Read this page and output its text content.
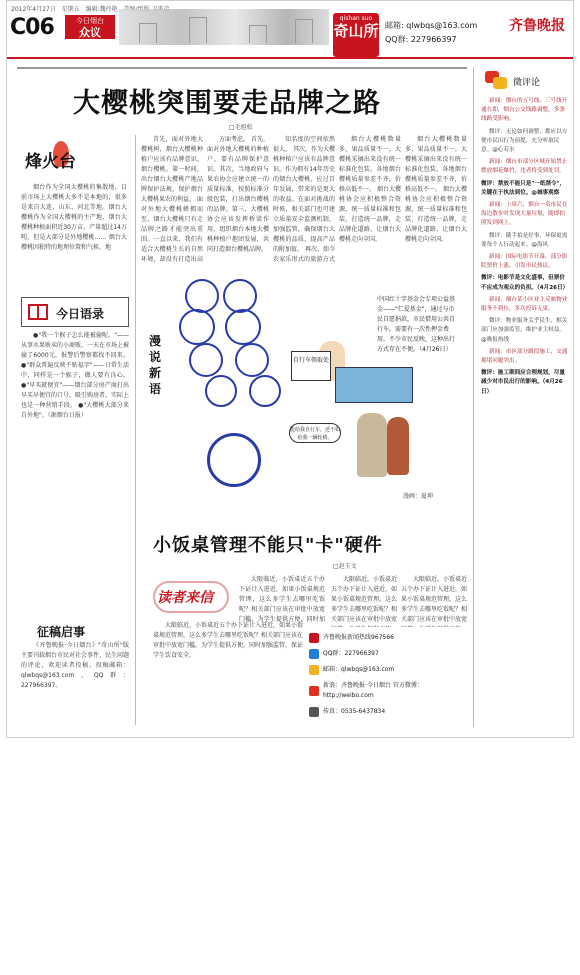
2012年4月27日 星期五 编辑:魏玲艳
C06	今日烟台
众议
qishan suo
奇山所 邮箱: qlwbqs@163.com
QQ群: 227966397
齐鲁晚报
大樱桃突围要走品牌之路
□毛旭松
烽火台

烟台作为全国大樱桃的集散地，目前市场上大樱桃大多不是本地的，很多是来自大连、山东、河北等地。烟台大樱桃作为全国大樱桃的主产地，烟台大樱桃种植面积近30万亩，产量超过14万吨，但是大部分是外地樱桃…… 烟台大樱桃因独特的地理位置和气候、地

今日语录

●"我一个猴子怎么能被偷呢。"——从事水果贩卖的小商贩，一天在市场上被偷了6000元，报警后警察都找不回来。 ●"群众普遍反映不贴福字"——日常生活中，同样是一个猴子，做人要有良心。 ●"早买就便宜"——烟台部分房产商打出早买早便宜的口号，吸引购房者，实际上也是一种营销手段。 ●"大樱桃大部分来自外地"。（据烟台日报）

征稿启事

《齐鲁晚报·今日烟台》"奇山所"版主要刊载烟台市民对社会事件、民生问题的评论，欢迎读者投稿。投稿邮箱：qlwbqs@163.com，QQ群：227966397。

首先，面对外地大樱桃树，烟台大樱桃种植户应该有品牌意识，烟台樱桃。第一时间，出台烟台大樱桃产地品牌保护法规，保护烟台大樱桃果农的利益。 面对外地大樱桃蜂拥而至，烟台大樱桃只有走品牌之路才能突出重围。一直以来，我们有适合大樱桃生长的自然环境，却没有打造出高

方面考虑。 首先，面对外地大樱桃的种植户，要有品牌保护意识。其次，当地政府与果农协会应建立统一的质量标准，按照标准分级包装，打出烟台樱桃的品牌。第三，大樱桃协会应该发挥桥梁作用，组织烟台本地大樱桃种植户抱团发展，共同打造烟台樱桃品牌。

知名度的空间依然很大。 其次，作为大樱桃种植户应该有品牌意识，作为拥有14年历史的烟台大樱桃，应过百年发展，带来的是更大的收益。在面对挑战的时候，相关部门也可建立质量安全监测机制，加强监管，确保烟台大樱桃的品质，提高产品的附加值。 再次，如今农家乐形式的旅游方式

烟台大樱桃数量多，果品质量不一。大樱桃采摘出来没有统一标准化包装，各地烟台樱桃质量参差不齐，价格高低不一。 烟台大樱桃协会应积极整合资源，统一质量标准和包装，打造统一品牌，走品牌化道路，让烟台大樱桃走向全国。

烟台大樱桃数量多，果品质量不一。大樱桃采摘出来没有统一标准化包装，各地烟台樱桃质量参差不齐，价格高低不一。 烟台大樱桃协会应积极整合资源，统一质量标准和包装，打造统一品牌，走品牌化道路，让烟台大樱桃走向全国。

漫说新语
自行车领取处
能给我自行车，还不如给我一辆轮椅。
中国红十字基金会专项公益基金——"仁爱基金"，通过与市民自愿捐款，市民借用公共自行车，需要有一次性押金费用。不少市民反映，这种出行方式存在不便。（4月26日）
漫画：夏坤
小饭桌管理不能只"卡"硬件
□赵玉文
读者来信

大限临近，小饭桌近五个办下证计入进近，如果小饭桌规范管理，这么多学生去哪里吃饭呢？相关部门应该在审批中放宽门槛，为学生提供方便，同时加强监管，保证学生饮食安全。

大限临近，小饭桌近五个办下证计入进近，如果小饭桌规范管理，这么多学生去哪里吃饭呢？相关部门应该在审批中放宽门槛，为学生提供方便，同时加

大限临近，小饭桌近五个办下证计入进近，如果小饭桌规范管理，这么多学生去哪里吃饭呢？相关部门应该在审批中放宽

大限临近，小饭桌近五个办下证计入进近，如果小饭桌规范管理，这么多学生去哪里吃饭呢？相关部门应该在审批中放宽

齐鲁晚报新闻热线967566
QQ群：227966397
邮箱：qlwbqs@163.com
新浪：齐鲁晚报·今日烟台 官方微博：http://weibo.com
传真：0535-6437834
微评论

新闻：烟台的五号线、三号线开通在即，烟台公交线路调整，多条线路受影响。

微评：无论如何调整，都应以方便市民出行为前提，充分听取民意。@心若水

新闻：烟台市部分区域开始禁止燃放烟花爆竹，违者将受到处罚。

微评：禁放不能只是"一纸禁令"，关键在于执法到位。@城事观察

新闻：上周六，烟台一名市民在海边散步时发现大量垃圾，随即拍照发到网上。

微评：随手拍是好事，环保更需要每个人行动起来。@海风

新闻：国际电影节开幕，部分影院票价上涨，引发市民热议。

微评：电影节是文化盛事，但票价不应成为观众的负担。（4月26日）

新闻：烟台某小区业主反映物业服务不到位，多次投诉无果。

微评：物业服务关乎民生，相关部门应加强监管，维护业主权益。@晚报热线

新闻：市区部分路段施工，交通拥堵问题突出。

微评：施工期间应合理规划，尽量减少对市民出行的影响。（4月26日）
